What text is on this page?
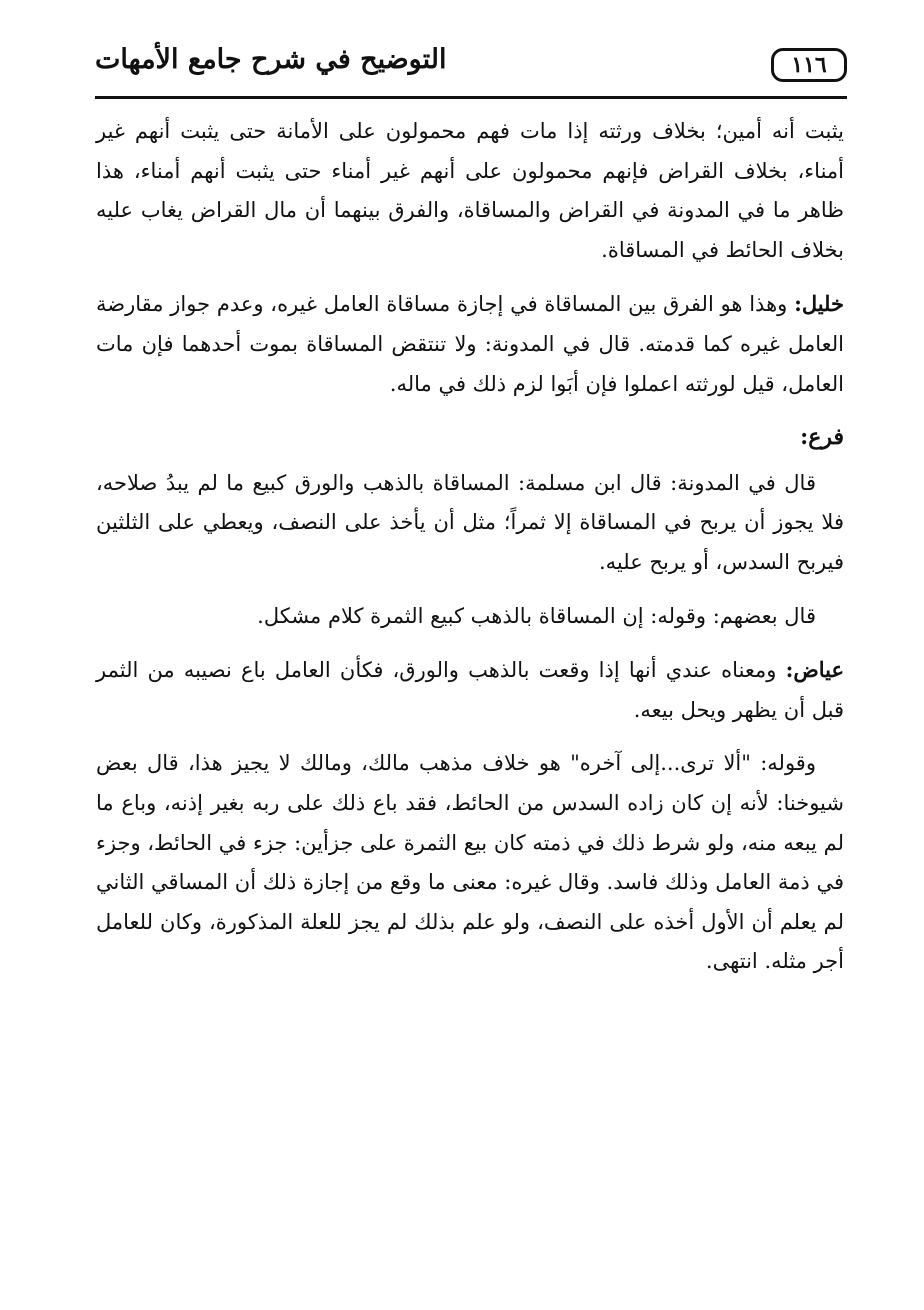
١١٦
التوضيح في شرح جامع الأمهات

يثبت أنه أمين؛ بخلاف ورثته إذا مات فهم محمولون على الأمانة حتى يثبت أنهم غير أمناء، بخلاف القراض فإنهم محمولون على أنهم غير أمناء حتى يثبت أنهم أمناء، هذا ظاهر ما في المدونة في القراض والمساقاة، والفرق بينهما أن مال القراض يغاب عليه بخلاف الحائط في المساقاة.

خليل: وهذا هو الفرق بين المساقاة في إجازة مساقاة العامل غيره، وعدم جواز مقارضة العامل غيره كما قدمته. قال في المدونة: ولا تنتقض المساقاة بموت أحدهما فإن مات العامل، قيل لورثته اعملوا فإن أبَوا لزم ذلك في ماله.

فرع:

قال في المدونة: قال ابن مسلمة: المساقاة بالذهب والورق كبيع ما لم يبدُ صلاحه، فلا يجوز أن يربح في المساقاة إلا ثمراً؛ مثل أن يأخذ على النصف، ويعطي على الثلثين فيربح السدس، أو يربح عليه.

قال بعضهم: وقوله: إن المساقاة بالذهب كبيع الثمرة كلام مشكل.

عياض: ومعناه عندي أنها إذا وقعت بالذهب والورق، فكأن العامل باع نصيبه من الثمر قبل أن يظهر ويحل بيعه.

وقوله: "ألا ترى...إلى آخره" هو خلاف مذهب مالك، ومالك لا يجيز هذا، قال بعض شيوخنا: لأنه إن كان زاده السدس من الحائط، فقد باع ذلك على ربه بغير إذنه، وباع ما لم يبعه منه، ولو شرط ذلك في ذمته كان بيع الثمرة على جزأين: جزء في الحائط، وجزء في ذمة العامل وذلك فاسد. وقال غيره: معنى ما وقع من إجازة ذلك أن المساقي الثاني لم يعلم أن الأول أخذه على النصف، ولو علم بذلك لم يجز للعلة المذكورة، وكان للعامل أجر مثله. انتهى.
